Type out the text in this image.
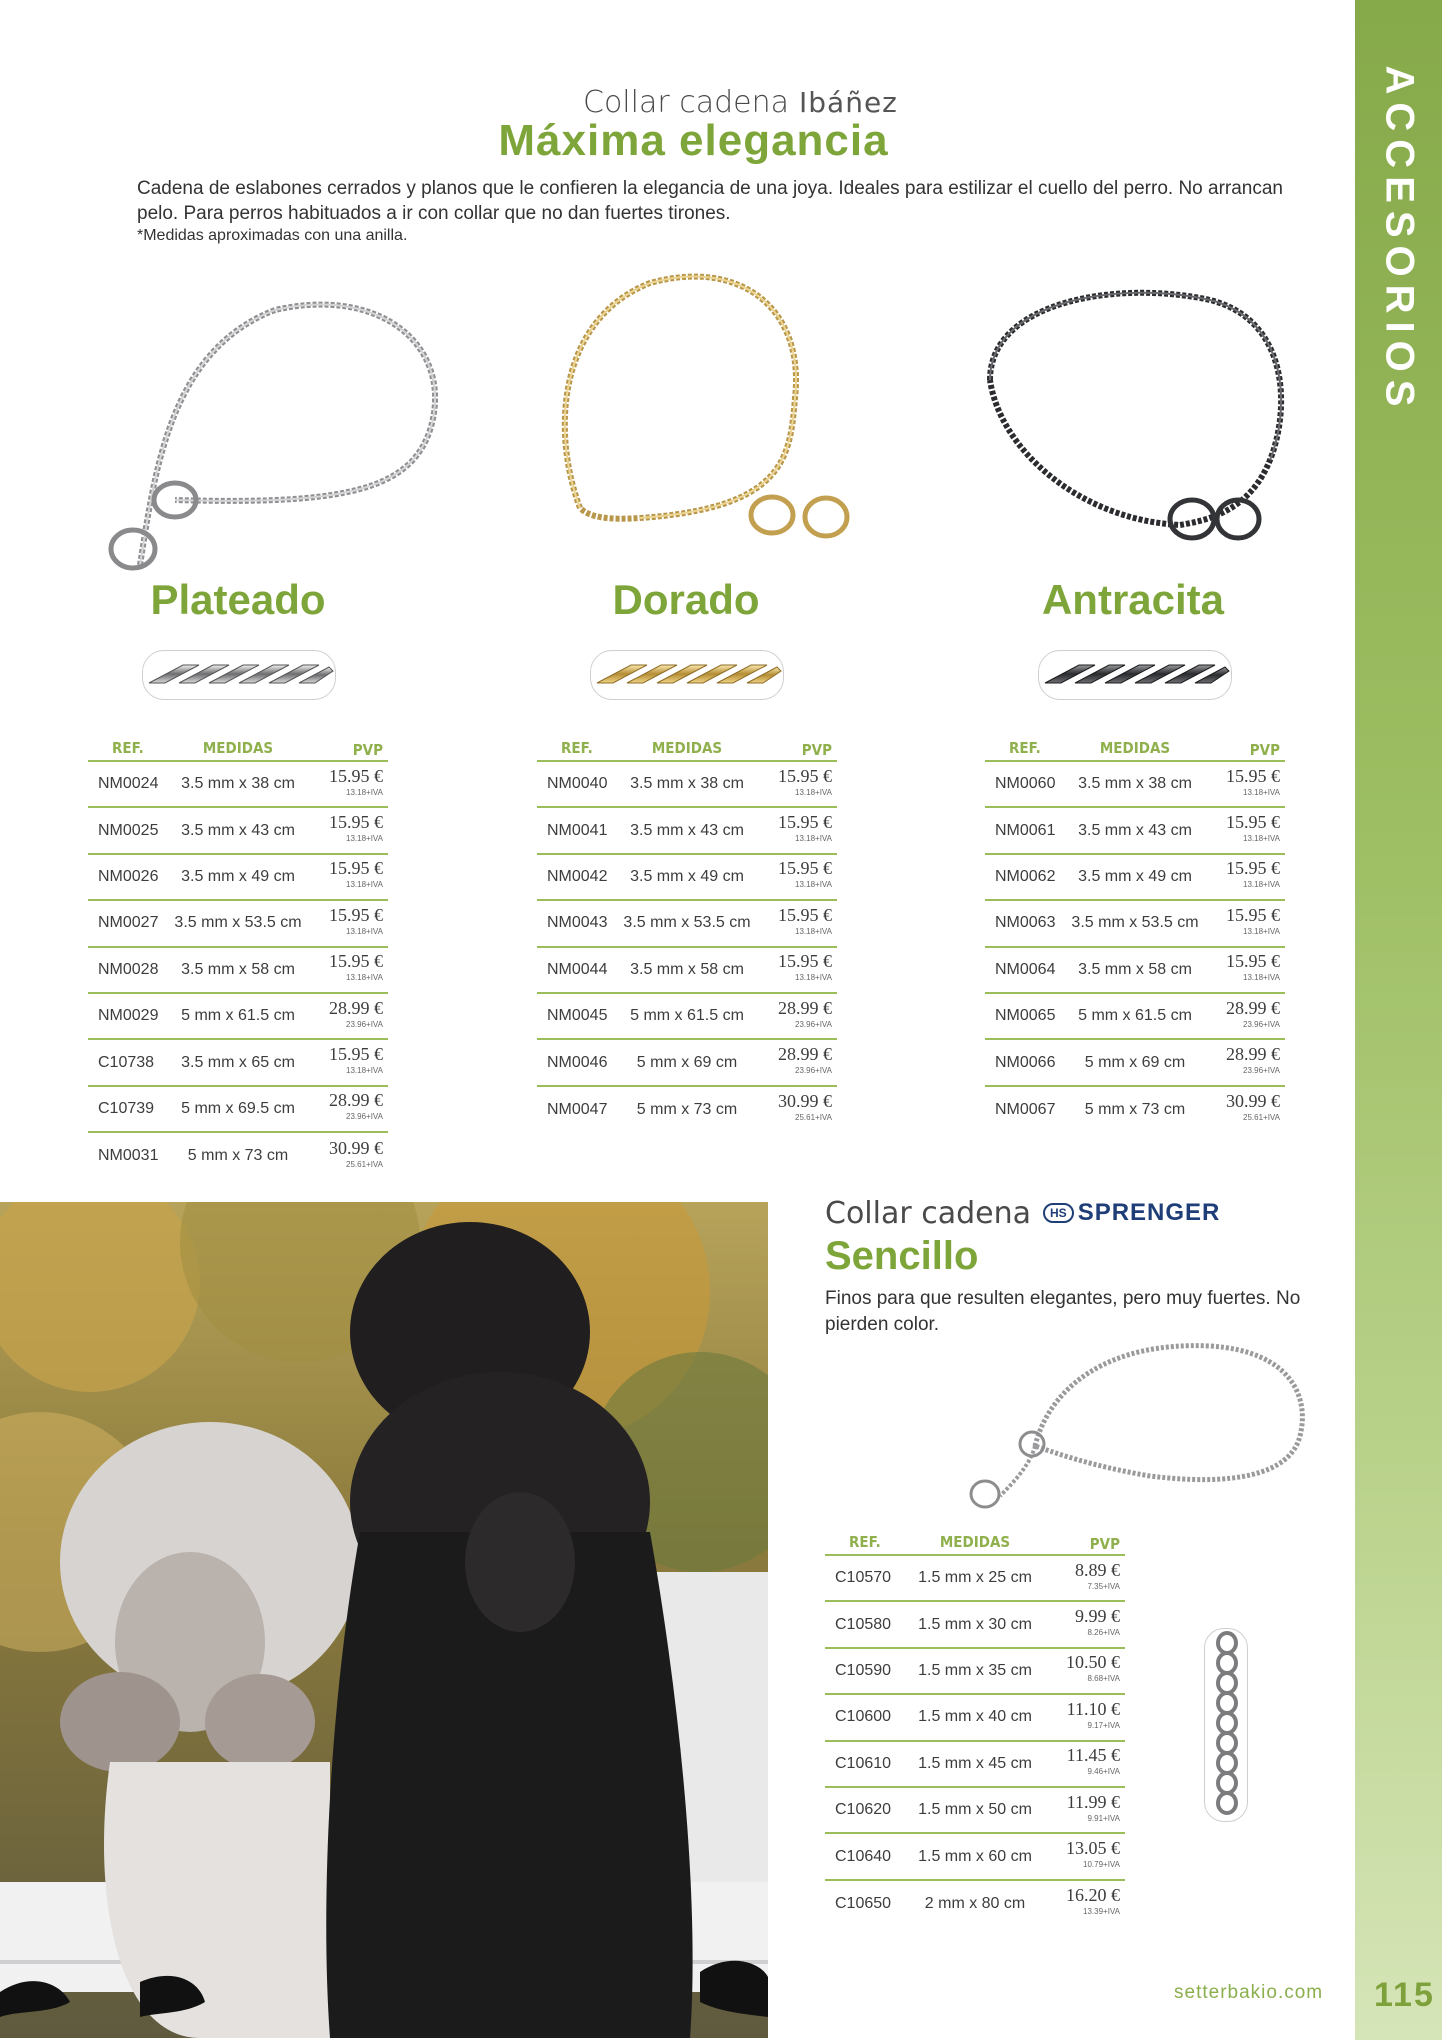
ACCESORIOS
Collar cadena Ibáñez
Máxima elegancia
Cadena de eslabones cerrados y planos que le confieren la elegancia de una joya. Ideales para estilizar el cuello del perro. No arrancan pelo. Para perros habituados a ir con collar que no dan fuertes tirones.
*Medidas aproximadas con una anilla.
Plateado	Dorado	Antracita
REF.	MEDIDAS	PVP
NM0024	3.5 mm x 38 cm	15.95 €
13.18+IVA
NM0025	3.5 mm x 43 cm	15.95 €
13.18+IVA
NM0026	3.5 mm x 49 cm	15.95 €
13.18+IVA
NM0027 3.5 mm x 53.5 cm	15.95 €
13.18+IVA
NM0028	3.5 mm x 58 cm	15.95 €
13.18+IVA
NM0029	5 mm x 61.5 cm	28.99 €
23.96+IVA
C10738	3.5 mm x 65 cm	15.95 €
13.18+IVA
C10739	5 mm x 69.5 cm	28.99 €
23.96+IVA
NM0031	5 mm x 73 cm	30.99 €
25.61+IVA
REF.	MEDIDAS	PVP
NM0040	3.5 mm x 38 cm	15.95 €
13.18+IVA
NM0041	3.5 mm x 43 cm	15.95 €
13.18+IVA
NM0042	3.5 mm x 49 cm	15.95 €
13.18+IVA
NM0043 3.5 mm x 53.5 cm	15.95 €
13.18+IVA
NM0044	3.5 mm x 58 cm	15.95 €
13.18+IVA
NM0045	5 mm x 61.5 cm	28.99 €
23.96+IVA
NM0046	5 mm x 69 cm	28.99 €
23.96+IVA
NM0047	5 mm x 73 cm	30.99 €
25.61+IVA
REF.	MEDIDAS	PVP
NM0060	3.5 mm x 38 cm	15.95 €
13.18+IVA
NM0061	3.5 mm x 43 cm	15.95 €
13.18+IVA
NM0062	3.5 mm x 49 cm	15.95 €
13.18+IVA
NM0063 3.5 mm x 53.5 cm	15.95 €
13.18+IVA
NM0064	3.5 mm x 58 cm	15.95 €
13.18+IVA
NM0065	5 mm x 61.5 cm	28.99 €
23.96+IVA
NM0066	5 mm x 69 cm	28.99 €
23.96+IVA
NM0067	5 mm x 73 cm	30.99 €
25.61+IVA
Collar cadena	HS SPRENGER
Sencillo
Finos para que resulten elegantes, pero muy fuertes. No pierden color.
REF.	MEDIDAS	PVP
C10570	1.5 mm x 25 cm	8.89 €
7.35+IVA
C10580	1.5 mm x 30 cm	9.99 €
8.26+IVA
C10590	1.5 mm x 35 cm	10.50 €
8.68+IVA
C10600	1.5 mm x 40 cm	11.10 €
9.17+IVA
C10610	1.5 mm x 45 cm	11.45 €
9.46+IVA
C10620	1.5 mm x 50 cm	11.99 €
9.91+IVA
C10640	1.5 mm x 60 cm	13.05 €
10.79+IVA
C10650	2 mm x 80 cm	16.20 €
13.39+IVA
setterbakio.com 115
